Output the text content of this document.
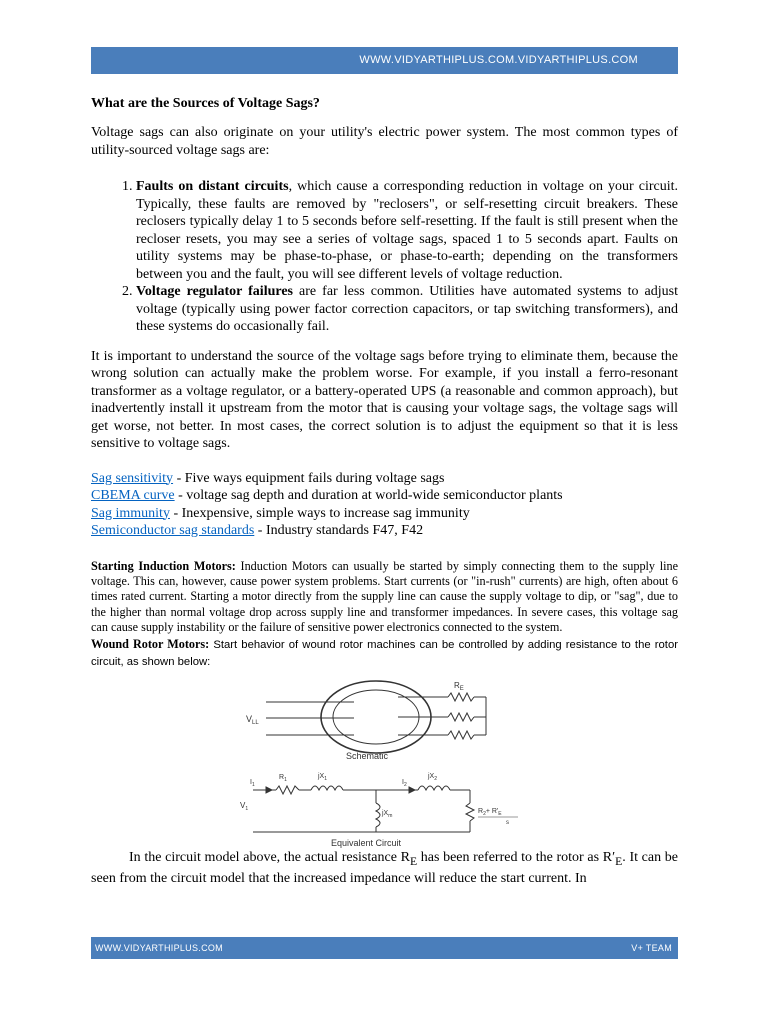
WWW.VIDYARTHIPLUS.COM.VIDYARTHIPLUS.COM
What are the Sources of Voltage Sags?

Voltage sags can also originate on your utility's electric power system. The most common types of utility-sourced voltage sags are:

1. Faults on distant circuits, which cause a corresponding reduction in voltage on your circuit. Typically, these faults are removed by "reclosers", or self-resetting circuit breakers. These reclosers typically delay 1 to 5 seconds before self-resetting. If the fault is still present when the recloser resets, you may see a series of voltage sags, spaced 1 to 5 seconds apart. Faults on utility systems may be phase-to-phase, or phase-to-earth; depending on the transformers between you and the fault, you will see different levels of voltage reduction.
2. Voltage regulator failures are far less common. Utilities have automated systems to adjust voltage (typically using power factor correction capacitors, or tap switching transformers), and these systems do occasionally fail.

It is important to understand the source of the voltage sags before trying to eliminate them, because the wrong solution can actually make the problem worse. For example, if you install a ferro-resonant transformer as a voltage regulator, or a battery-operated UPS (a reasonable and common approach), but inadvertently install it upstream from the motor that is causing your voltage sags, the voltage sags will get worse, not better. In most cases, the correct solution is to adjust the equipment so that it is less sensitive to voltage sags.

Sag sensitivity - Five ways equipment fails during voltage sags
CBEMA curve - voltage sag depth and duration at world-wide semiconductor plants
Sag immunity - Inexpensive, simple ways to increase sag immunity
Semiconductor sag standards - Industry standards F47, F42

Starting Induction Motors: Induction Motors can usually be started by simply connecting them to the supply line voltage. This can, however, cause power system problems. Start currents (or "in-rush" currents) are high, often about 6 times rated current. Starting a motor directly from the supply line can cause the supply voltage to dip, or "sag", due to the higher than normal voltage drop across supply line and transformer impedances. In severe cases, this voltage sag can cause supply instability or the failure of sensitive power electronics connected to the system.

Wound Rotor Motors: Start behavior of wound rotor machines can be controlled by adding resistance to the rotor circuit, as shown below:

$V_{LL}$
$R_E$
Schematic
$I_1$
$R_1$	$jX_1$	$I_2$
$jX_2$
$V_1$
$jX_m$
$R_2+ R'_E$
s
Equivalent Circuit

In the circuit model above, the actual resistance $R_E$ has been referred to the rotor as $R'_E$. It can be seen from the circuit model that the increased impedance will reduce the start current. In

WWW.VIDYARTHIPLUS.COM	V+ TEAM
